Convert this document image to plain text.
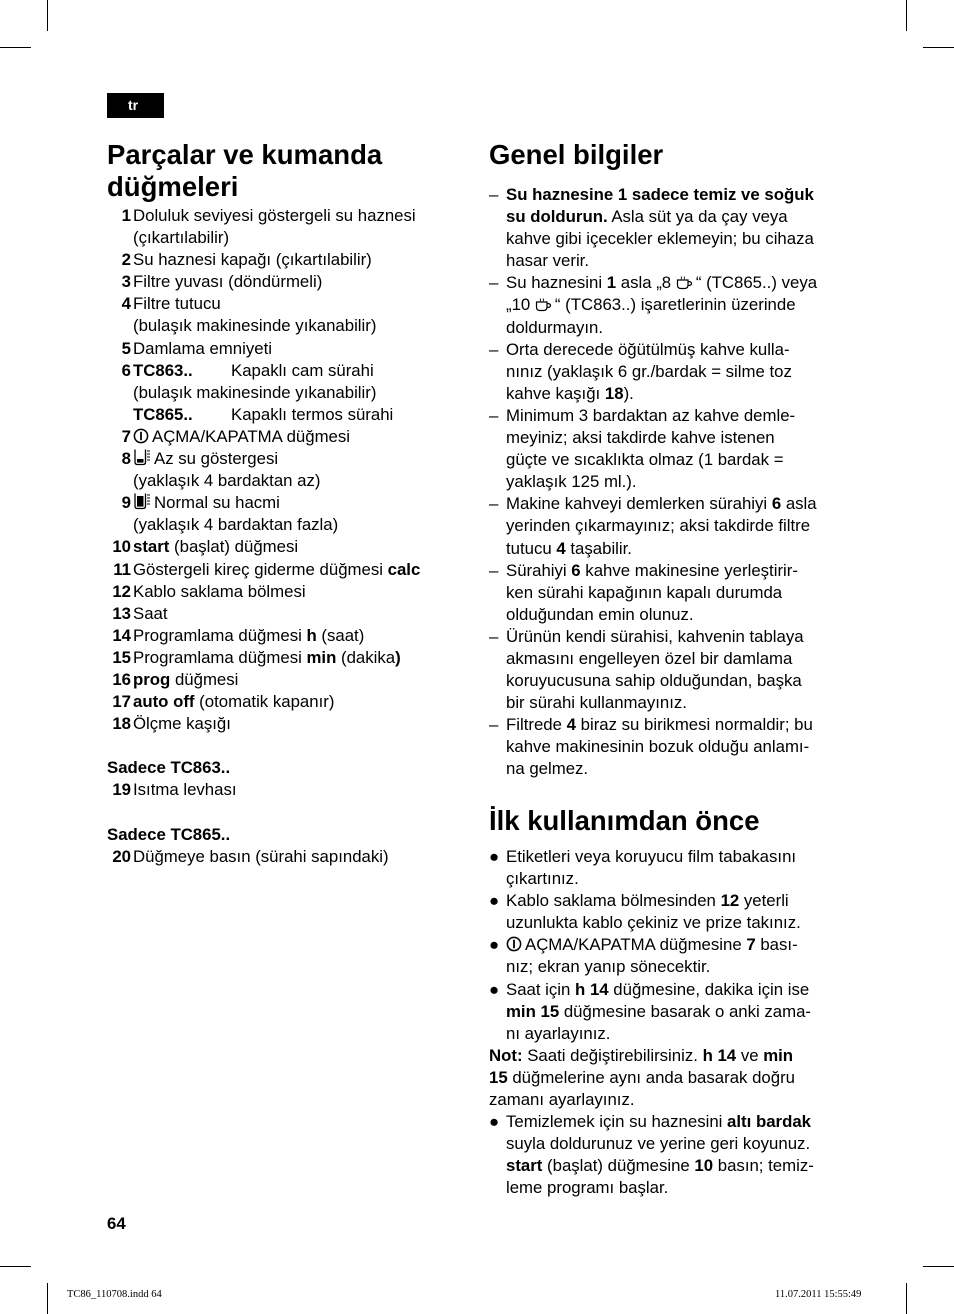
tr
Parçalar ve kumanda
düğmeleri
1 Doluluk seviyesi göstergeli su haznesi
(çıkartılabilir)
2 Su haznesi kapağı (çıkartılabilir)
3 Filtre yuvası (döndürmeli)
4 Filtre tutucu
(bulaşık makinesinde yıkanabilir)
5 Damlama emniyeti
6 TC863.. Kapaklı cam sürahi
(bulaşık makinesinde yıkanabilir)
TC865.. Kapaklı termos sürahi
7	AÇMA/KAPATMA düğmesi
8	Az su göstergesi
(yaklaşık 4 bardaktan az)
9	Normal su hacmi
(yaklaşık 4 bardaktan fazla)
10 start (başlat) düğmesi
11 Göstergeli kireç giderme düğmesi calc
12 Kablo saklama bölmesi
13 Saat
14 Programlama düğmesi h (saat)
15 Programlama düğmesi min (dakika)
16 prog düğmesi
17 auto off (otomatik kapanır)
18 Ölçme kaşığı
Sadece TC863..
19 Isıtma levhası
Sadece TC865..
20 Düğmeye basın (sürahi sapındaki)
Genel bilgiler
– Su haznesine 1 sadece temiz ve soğuk
su doldurun. Asla süt ya da çay veya
kahve gibi içecekler eklemeyin; bu cihaza
hasar verir.
– Su haznesini 1 asla „8
“ (TC865..) veya
„10
“ (TC863..) işaretlerinin üzerinde
doldurmayın.
– Orta derecede öğütülmüş kahve kulla-
nınız (yaklaşık 6 gr./bardak = silme toz
kahve kaşığı 18).
– Minimum 3 bardaktan az kahve demle-
meyiniz; aksi takdirde kahve istenen
güçte ve sıcaklıkta olmaz (1 bardak =
yaklaşık 125 ml.).
– Makine kahveyi demlerken sürahiyi 6 asla
yerinden çıkarmayınız; aksi takdirde filtre
tutucu 4 taşabilir.
– Sürahiyi 6 kahve makinesine yerleştirir-
ken sürahi kapağının kapalı durumda
olduğundan emin olunuz.
– Ürünün kendi sürahisi, kahvenin tablaya
akmasını engelleyen özel bir damlama
koruyucusuna sahip olduğundan, başka
bir sürahi kullanmayınız.
– Filtrede 4 biraz su birikmesi normaldir; bu
kahve makinesinin bozuk olduğu anlamı-
na gelmez.
İlk kullanımdan önce
● Etiketleri veya koruyucu film tabakasını
çıkartınız.
● Kablo saklama bölmesinden 12 yeterli
uzunlukta kablo çekiniz ve prize takınız.
●	AÇMA/KAPATMA düğmesine 7 bası-
nız; ekran yanıp sönecektir.
● Saat için h 14 düğmesine, dakika için ise
min 15 düğmesine basarak o anki zama-
nı ayarlayınız.
Not: Saati değiştirebilirsiniz. h 14 ve min
15 düğmelerine aynı anda basarak doğru
zamanı ayarlayınız.
● Temizlemek için su haznesini altı bardak
suyla doldurunuz ve yerine geri koyunuz.
start (başlat) düğmesine 10 basın; temiz-
leme programı başlar.
64
TC86_110708.indd 64	11.07.2011 15:55:49
